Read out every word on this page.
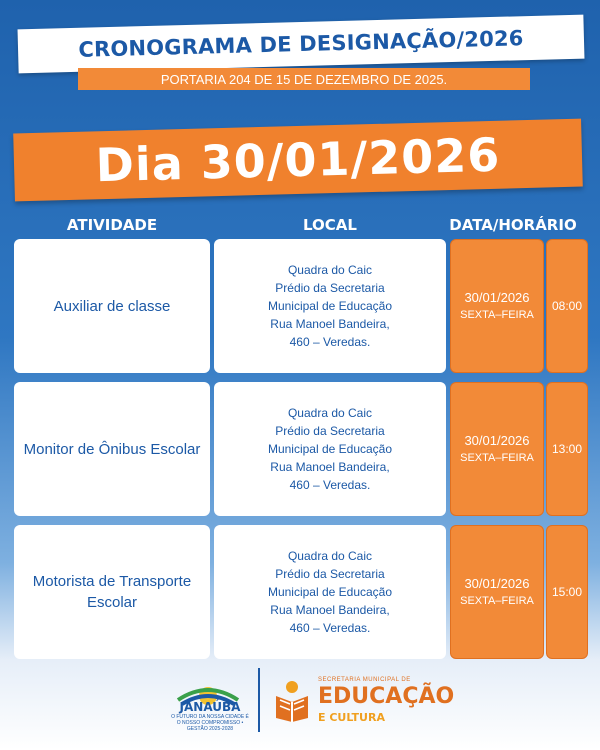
CRONOGRAMA DE DESIGNAÇÃO/2026
PORTARIA 204 DE 15 DE DEZEMBRO DE 2025.
Dia 30/01/2026
ATIVIDADE	LOCAL	DATA/HORÁRIO
Auxiliar de classe
Quadra do Caic
Prédio da Secretaria
Municipal de Educação
Rua Manoel Bandeira,
460 – Veredas.
30/01/2026
SEXTA–FEIRA
08:00
Monitor de Ônibus Escolar
Quadra do Caic
Prédio da Secretaria
Municipal de Educação
Rua Manoel Bandeira,
460 – Veredas.
30/01/2026
SEXTA–FEIRA
13:00
Motorista de Transporte Escolar
Quadra do Caic
Prédio da Secretaria
Municipal de Educação
Rua Manoel Bandeira,
460 – Veredas.
30/01/2026
SEXTA–FEIRA
15:00
JANAÚBA
O FUTURO DA NOSSA CIDADE É O NOSSO COMPROMISSO • GESTÃO 2025-2028
SECRETARIA MUNICIPAL DE
EDUCAÇÃO
E CULTURA
